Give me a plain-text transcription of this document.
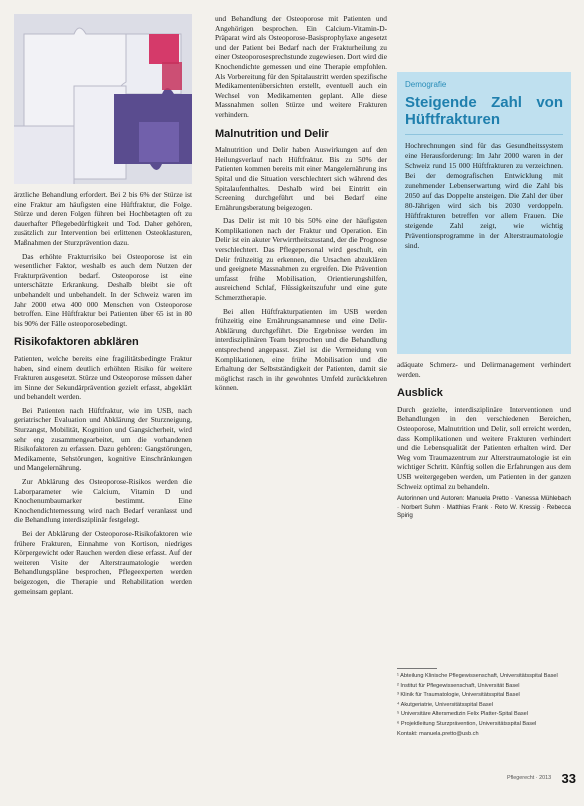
ärztliche Behandlung erfordert. Bei 2 bis 6% der Stürze ist eine Fraktur am häufigsten eine Hüftfraktur, die Folge. Stürze und deren Folgen führen bei Hochbetagten oft zu dauerhafter Pflegebedürftigkeit und Tod. Daher gehören, zusätzlich zur Intervention bei erlittenen Osteoklasturen, Maßnahmen der Sturzprävention dazu.

Das erhöhte Frakturrisiko bei Osteoporose ist ein wesentlicher Faktor, weshalb es auch dem Nutzen der Frakturprävention bedarf. Osteoporose ist eine unterschätzte Erkrankung. Deshalb bleibt sie oft unbehandelt und unbehandelt. In der Schweiz waren im Jahr 2000 etwa 400 000 Menschen von Osteoporose betroffen. Eine Hüftfraktur bei Patienten über 65 ist in 80 bis 90% der Fälle osteoporosebedingt.

Risikofaktoren abklären

Patienten, welche bereits eine fragilitätsbedingte Fraktur haben, sind einem deutlich erhöhten Risiko für weitere Frakturen ausgesetzt. Stürze und Osteoporose müssen daher im Sinne der Sekundärprävention gezielt erfasst, abgeklärt und behandelt werden.

Bei Patienten nach Hüftfraktur, wie im USB, nach geriatrischer Evaluation und Abklärung der Sturzneigung, Sturzangst, Mobilität, Kognition und Gangsicherheit, wird sehr eng zusammengearbeitet, um die vorhandenen Risikofaktoren zu erfassen. Dazu gehören: Gangstörungen, Medikamente, Sehstörungen, kognitive Einschränkungen und Mangelernährung.

Zur Abklärung des Osteoporose-Risikos werden die Laborparameter wie Calcium, Vitamin D und Knochenumbaumarker bestimmt. Eine Knochendichtemessung wird nach Bedarf veranlasst und die Behandlung interdisziplinär festgelegt.

Bei der Abklärung der Osteoporose-Risikofaktoren wie frühere Frakturen, Einnahme von Kortison, niedriges Körpergewicht oder Rauchen werden diese erfasst. Auf der weiteren Visite der Alterstraumatologie werden Behandlungspläne besprochen, Pflegeexperten werden beigezogen, die Therapie und Rehabilitation werden gemeinsam geplant.

und Behandlung der Osteoporose mit Patienten und Angehörigen besprochen. Ein Calcium-Vitamin-D-Präparat wird als Osteoporose-Basisprophylaxe angesetzt und der Patient bei Bedarf nach der Frakturheilung zu einer Osteoporosesprechstunde zugewiesen. Dort wird die Knochendichte gemessen und eine Therapie empfohlen. Als Vorbereitung für den Spitalaustritt werden spezifische Medikamentenübersichten erstellt, eventuell auch ein Wechsel von Medikamenten geplant. Alle diese Massnahmen sollen Stürze und weitere Frakturen verhindern.

Malnutrition und Delir

Malnutrition und Delir haben Auswirkungen auf den Heilungsverlauf nach Hüftfraktur. Bis zu 50% der Patienten kommen bereits mit einer Mangelernährung ins Spital und die Situation verschlechtert sich während des Spitalaufenthaltes. Deshalb wird bei Eintritt ein Screening durchgeführt und bei Bedarf eine Ernährungsberatung beigezogen.

Das Delir ist mit 10 bis 50% eine der häufigsten Komplikationen nach der Fraktur und Operation. Ein Delir ist ein akuter Verwirrtheitszustand, der die Prognose verschlechtert. Das Pflegepersonal wird geschult, ein Delir frühzeitig zu erkennen, die Ursachen abzuklären und geeignete Massnahmen zu ergreifen. Die Prävention umfasst frühe Mobilisation, Orientierungshilfen, ausreichend Schlaf, Flüssigkeitszufuhr und eine gute Schmerztherapie.

Bei allen Hüftfrakturpatienten im USB werden frühzeitig eine Ernährungsanamnese und eine Delir-Abklärung durchgeführt. Die Ergebnisse werden im interdisziplinären Team besprochen und die Behandlung entsprechend angepasst. Ziel ist die Vermeidung von Komplikationen, eine frühe Mobilisation und die Erhaltung der Selbstständigkeit der Patienten, damit sie möglichst rasch in ihr gewohntes Umfeld zurückkehren können.

Demografie
Steigende Zahl von Hüftfrakturen
Hochrechnungen sind für das Gesundheitssystem eine Herausforderung: Im Jahr 2000 waren in der Schweiz rund 15 000 Hüftfrakturen zu verzeichnen. Bei der demografischen Entwicklung mit zunehmender Lebenserwartung wird die Zahl bis 2050 auf das Doppelte ansteigen. Die Zahl der über 80-Jährigen wird sich bis 2030 verdoppeln. Hüftfrakturen betreffen vor allem Frauen. Die steigende Zahl zeigt, wie wichtig Präventionsprogramme in der Alterstraumatologie sind.

adäquate Schmerz- und Delirmanagement verhindert werden.

Ausblick

Durch gezielte, interdisziplinäre Interventionen und Behandlungen in den verschiedenen Bereichen, Osteoporose, Malnutrition und Delir, soll erreicht werden, dass Komplikationen und weitere Frakturen verhindert und die Lebensqualität der Patienten erhalten wird. Der Weg vom Traumazentrum zur Alterstraumatologie ist ein wichtiger Schritt. Künftig sollen die Erfahrungen aus dem USB weitergegeben werden, um Patienten in der ganzen Schweiz optimal zu behandeln.

Autorinnen und Autoren: Manuela Pretto · Vanessa Mühlebach · Norbert Suhm · Matthias Frank · Reto W. Kressig · Rebecca Spirig
¹ Abteilung Klinische Pflegewissenschaft, Universitätsspital Basel
² Institut für Pflegewissenschaft, Universität Basel
³ Klinik für Traumatologie, Universitätsspital Basel
⁴ Akutgeriatrie, Universitätsspital Basel
⁵ Universitäre Altersmedizin Felix Platter-Spital Basel
⁶ Projektleitung Sturzprävention, Universitätsspital Basel
Kontakt: manuela.pretto@usb.ch
Pflegerecht · 2013 33
